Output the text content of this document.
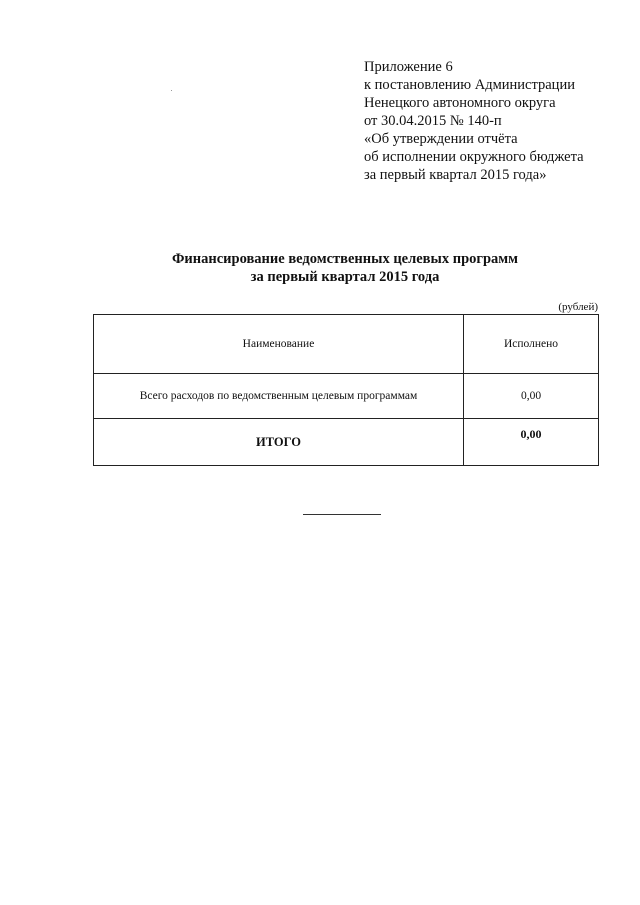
Приложение 6
к постановлению Администрации
Ненецкого автономного округа
от 30.04.2015 № 140-п
«Об утверждении отчёта
об исполнении окружного бюджета
за первый квартал 2015 года»
Финансирование ведомственных целевых программ
за первый квартал 2015 года
(рублей)
Наименование	Исполнено
Всего расходов по ведомственным целевым программам	0,00
ИТОГО	0,00
